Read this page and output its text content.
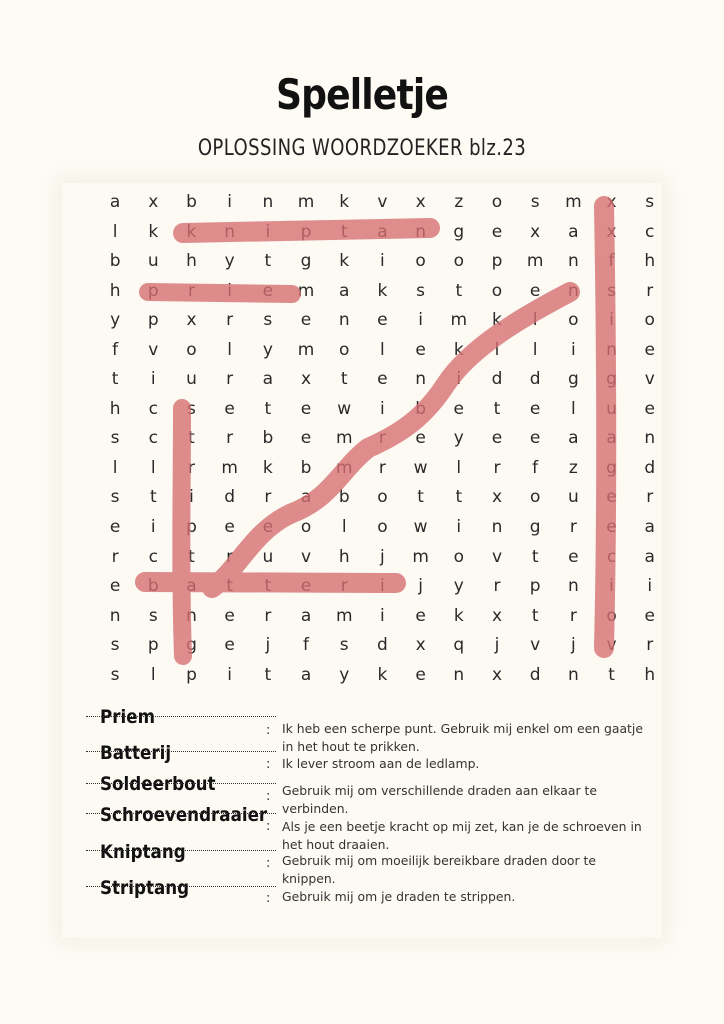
Spelletje
OPLOSSING WOORDZOEKER blz.23
a	x	b	i	n	m	k	v	x	z	o	s	m	x	s
l	k	k	n	i	p	t	a	n	g	e	x	a	x	c
b	u	h	y	t	g	k	i	o	o	p	m	n	f	h
h	p	r	i	e	m	a	k	s	t	o	e	n	s	r
y	p	x	r	s	e	n	e	i	m	k	l	o	i	o
f	v	o	l	y	m	o	l	e	k	l	l	i	n	e
t	i	u	r	a	x	t	e	n	i	d	d	g	g	v
h	c	s	e	t	e	w	i	b	e	t	e	l	u	e
s	c	t	r	b	e	m	r	e	y	e	e	a	a	n
l	l	r	m	k	b	m	r	w	l	r	f	z	g	d
s	t	i	d	r	a	b	o	t	t	x	o	u	e	r
e	i	p	e	e	o	l	o	w	i	n	g	r	e	a
r	c	t	r	u	v	h	j	m	o	v	t	e	c	a
e	b	a	t	t	e	r	i	j	y	r	p	n	i	i
n	s	n	e	r	a	m	i	e	k	x	t	r	o	e
s	p	g	e	j	f	s	d	x	q	j	v	j	v	r
s	l	p	i	t	a	y	k	e	n	x	d	n	t	h
Priem
: Ik heb een scherpe punt. Gebruik mij enkel om een gaatje in het hout te prikken.
Batterij
: Ik lever stroom aan de ledlamp.
Soldeerbout
: Gebruik mij om verschillende draden aan elkaar te verbinden.
Schroevendraaier
: Als je een beetje kracht op mij zet, kan je de schroeven in het hout draaien.
Kniptang
: Gebruik mij om moeilijk bereikbare draden door te knippen.
Striptang	: Gebruik mij om je draden te strippen.
